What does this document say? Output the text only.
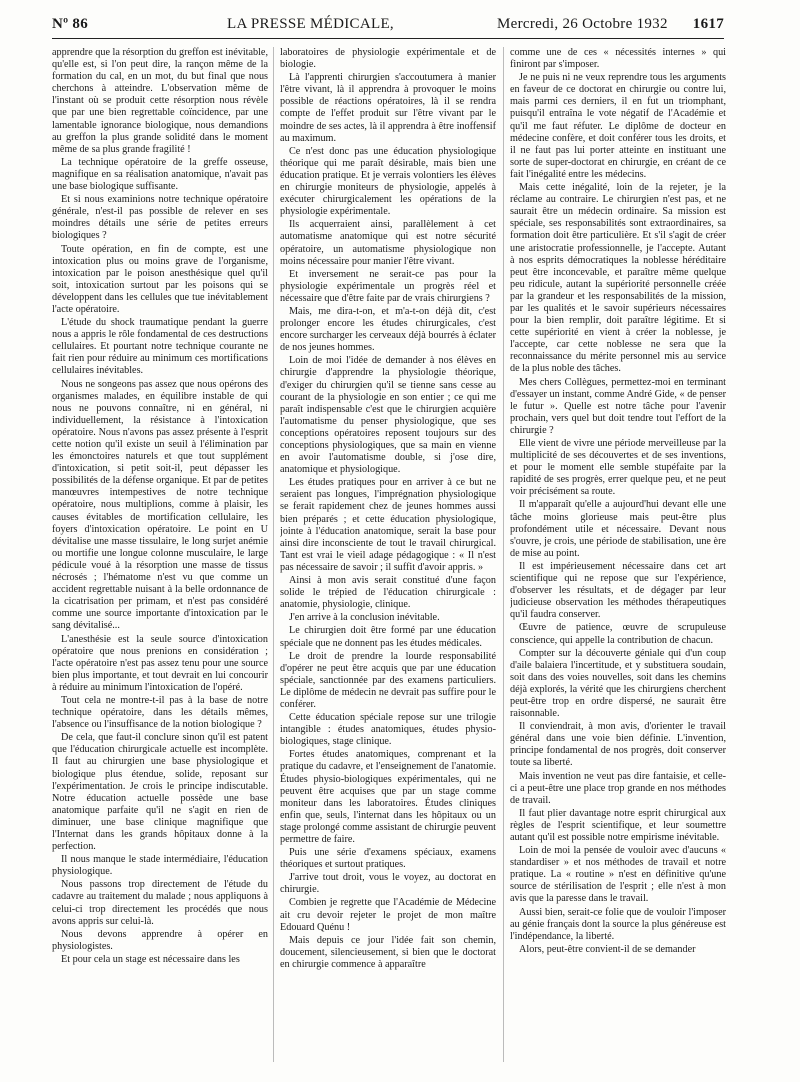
Nº 86	LA PRESSE MÉDICALE,	Mercredi, 26 Octobre 1932 1617

apprendre que la résorption du greffon est inévitable, qu'elle est, si l'on peut dire, la rançon même de la formation du cal, en un mot, du but final que nous cherchons à atteindre. L'observation même de l'instant où se produit cette résorption nous révèle que par une bien regrettable coïncidence, par une lamentable ignorance biologique, nous demandions au greffon la plus grande solidité dans le moment même de sa plus grande fragilité !

La technique opératoire de la greffe osseuse, magnifique en sa réalisation anatomique, n'avait pas une base biologique suffisante.

Et si nous examinions notre technique opératoire générale, n'est-il pas possible de relever en ses moindres détails une série de petites erreurs biologiques ?

Toute opération, en fin de compte, est une intoxication plus ou moins grave de l'organisme, intoxication par le poison anesthésique quel qu'il soit, intoxication surtout par les poisons qui se développent dans les cellules que tue inévitablement l'acte opératoire.

L'étude du shock traumatique pendant la guerre nous a appris le rôle fondamental de ces destructions cellulaires. Et pourtant notre technique courante ne fait rien pour réduire au minimum ces mortifications cellulaires inévitables.

Nous ne songeons pas assez que nous opérons des organismes malades, en équilibre instable de qui nous ne pouvons connaître, ni en général, ni individuellement, la résistance à l'intoxication opératoire. Nous n'avons pas assez présente à l'esprit cette notion qu'il existe un seuil à l'élimination par les émonctoires naturels et que tout supplément d'intoxication, si petit soit-il, peut dépasser les possibilités de la défense organique. Et par de petites manœuvres intempestives de notre technique opératoire, nous multiplions, comme à plaisir, les causes évitables de mortification cellulaire, les foyers d'intoxication opératoire. Le point en U dévitalise une masse tissulaire, le long surjet anémie ou mortifie une longue colonne musculaire, le large pédicule voué à la résorption une masse de tissus nécrosés ; l'hématome n'est vu que comme un accident regrettable nuisant à la belle ordonnance de la cicatrisation per primam, et n'est pas considéré comme une source importante d'intoxication par le sang dévitalisé...

L'anesthésie est la seule source d'intoxication opératoire que nous prenions en considération ; l'acte opératoire n'est pas assez tenu pour une source bien plus importante, et tout devrait en lui concourir à réduire au minimum l'intoxication de l'opéré.

Tout cela ne montre-t-il pas à la base de notre technique opératoire, dans les détails mêmes, l'absence ou l'insuffisance de la notion biologique ?

De cela, que faut-il conclure sinon qu'il est patent que l'éducation chirurgicale actuelle est incomplète. Il faut au chirurgien une base physiologique et biologique plus étendue, solide, reposant sur l'expérimentation. Je crois le principe indiscutable. Notre éducation actuelle possède une base anatomique parfaite qu'il ne s'agit en rien de diminuer, une base clinique magnifique que l'Internat dans les grands hôpitaux donne à la perfection.

Il nous manque le stade intermédiaire, l'éducation physiologique.

Nous passons trop directement de l'étude du cadavre au traitement du malade ; nous appliquons à celui-ci trop directement les procédés que nous avons appris sur celui-là.

Nous devons apprendre à opérer en physiologistes.

Et pour cela un stage est nécessaire dans les

laboratoires de physiologie expérimentale et de biologie.

Là l'apprenti chirurgien s'accoutumera à manier l'être vivant, là il apprendra à provoquer le moins possible de réactions opératoires, là il se rendra compte de l'effet produit sur l'être vivant par le moindre de ses actes, là il apprendra à être inoffensif au maximum.

Ce n'est donc pas une éducation physiologique théorique qui me paraît désirable, mais bien une éducation pratique. Et je verrais volontiers les élèves en chirurgie moniteurs de physiologie, appelés à exécuter chirurgicalement les opérations de la physiologie expérimentale.

Ils acquerraient ainsi, parallèlement à cet automatisme anatomique qui est notre sécurité opératoire, un automatisme physiologique non moins nécessaire pour manier l'être vivant.

Et inversement ne serait-ce pas pour la physiologie expérimentale un progrès réel et nécessaire que d'être faite par de vrais chirurgiens ?

Mais, me dira-t-on, et m'a-t-on déjà dit, c'est prolonger encore les études chirurgicales, c'est encore surcharger les cerveaux déjà bourrés à éclater de nos jeunes hommes.

Loin de moi l'idée de demander à nos élèves en chirurgie d'apprendre la physiologie théorique, d'exiger du chirurgien qu'il se tienne sans cesse au courant de la physiologie en son entier ; ce qui me paraît indispensable c'est que le chirurgien acquière l'automatisme du penser physiologique, que ses conceptions opératoires reposent toujours sur des conceptions physiologiques, que sa main en vienne en avoir l'automatisme double, si j'ose dire, anatomique et physiologique.

Les études pratiques pour en arriver à ce but ne seraient pas longues, l'imprégnation physiologique se ferait rapidement chez de jeunes hommes aussi bien préparés ; et cette éducation physiologique, jointe à l'éducation anatomique, serait la base pour ainsi dire inconsciente de tout le travail chirurgical. Tant est vrai le vieil adage pédagogique : « Il n'est pas nécessaire de savoir ; il suffit d'avoir appris. »

Ainsi à mon avis serait constitué d'une façon solide le trépied de l'éducation chirurgicale : anatomie, physiologie, clinique.

J'en arrive à la conclusion inévitable.

Le chirurgien doit être formé par une éducation spéciale que ne donnent pas les études médicales.

Le droit de prendre la lourde responsabilité d'opérer ne peut être acquis que par une éducation spéciale, sanctionnée par des examens particuliers. Le diplôme de médecin ne devrait pas suffire pour le conférer.

Cette éducation spéciale repose sur une trilogie intangible : études anatomiques, études physio-biologiques, stage clinique.

Fortes études anatomiques, comprenant et la pratique du cadavre, et l'enseignement de l'anatomie. Études physio-biologiques expérimentales, qui ne peuvent être acquises que par un stage comme moniteur dans les laboratoires. Études cliniques enfin que, seuls, l'internat dans les hôpitaux ou un stage prolongé comme assistant de chirurgie peuvent permettre de faire.

Puis une série d'examens spéciaux, examens théoriques et surtout pratiques.

J'arrive tout droit, vous le voyez, au doctorat en chirurgie.

Combien je regrette que l'Académie de Médecine ait cru devoir rejeter le projet de mon maître Edouard Quénu !

Mais depuis ce jour l'idée fait son chemin, doucement, silencieusement, si bien que le doctorat en chirurgie commence à apparaître

comme une de ces « nécessités internes » qui finiront par s'imposer.

Je ne puis ni ne veux reprendre tous les arguments en faveur de ce doctorat en chirurgie ou contre lui, mais parmi ces derniers, il en fut un triomphant, puisqu'il entraîna le vote négatif de l'Académie et qu'il me faut réfuter. Le diplôme de docteur en médecine confère, et doit conférer tous les droits, et il ne faut pas lui porter atteinte en instituant une sorte de super-doctorat en chirurgie, en créant de ce fait l'inégalité entre les médecins.

Mais cette inégalité, loin de la rejeter, je la réclame au contraire. Le chirurgien n'est pas, et ne saurait être un médecin ordinaire. Sa mission est spéciale, ses responsabilités sont extraordinaires, sa formation doit être particulière. Et s'il s'agit de créer une aristocratie professionnelle, je l'accepte. Autant à nos esprits démocratiques la noblesse héréditaire peut être inconcevable, et paraître même quelque peu ridicule, autant la supériorité personnelle créée par la grandeur et les responsabilités de la mission, par les qualités et le savoir supérieurs nécessaires pour la bien remplir, doit paraître légitime. Et si cette supériorité en vient à créer la noblesse, je l'accepte, car cette noblesse ne sera que la reconnaissance du mérite personnel mis au service de la plus noble des tâches.

Mes chers Collègues, permettez-moi en terminant d'essayer un instant, comme André Gide, « de penser le futur ». Quelle est notre tâche pour l'avenir prochain, vers quel but doit tendre tout l'effort de la chirurgie ?

Elle vient de vivre une période merveilleuse par la multiplicité de ses découvertes et de ses inventions, et pour le moment elle semble stupéfaite par la rapidité de ses progrès, errer quelque peu, et ne peut voir précisément sa route.

Il m'apparaît qu'elle a aujourd'hui devant elle une tâche moins glorieuse mais peut-être plus profondément utile et nécessaire. Devant nous s'ouvre, je crois, une période de stabilisation, une ère de mise au point.

Il est impérieusement nécessaire dans cet art scientifique qui ne repose que sur l'expérience, d'observer les résultats, et de dégager par leur judicieuse observation les méthodes thérapeutiques qu'il faudra conserver.

Œuvre de patience, œuvre de scrupuleuse conscience, qui appelle la contribution de chacun.

Compter sur la découverte géniale qui d'un coup d'aile balaiera l'incertitude, et y substituera soudain, soit dans des voies nouvelles, soit dans les chemins déjà explorés, la vérité que les chirurgiens cherchent peut-être trop en ordre dispersé, ne saurait être raisonnable.

Il conviendrait, à mon avis, d'orienter le travail général dans une voie bien définie. L'invention, principe fondamental de nos progrès, doit conserver toute sa liberté.

Mais invention ne veut pas dire fantaisie, et celle-ci a peut-être une place trop grande en nos méthodes de travail.

Il faut plier davantage notre esprit chirurgical aux règles de l'esprit scientifique, et leur soumettre autant qu'il est possible notre empirisme inévitable.

Loin de moi la pensée de vouloir avec d'aucuns « standardiser » et nos méthodes de travail et notre pratique. La « routine » n'est en définitive qu'une source de stérilisation de l'esprit ; elle n'est à mon avis que la paresse dans le travail.

Aussi bien, serait-ce folie que de vouloir l'imposer au génie français dont la source la plus généreuse est l'indépendance, la liberté.

Alors, peut-être convient-il de se demander
